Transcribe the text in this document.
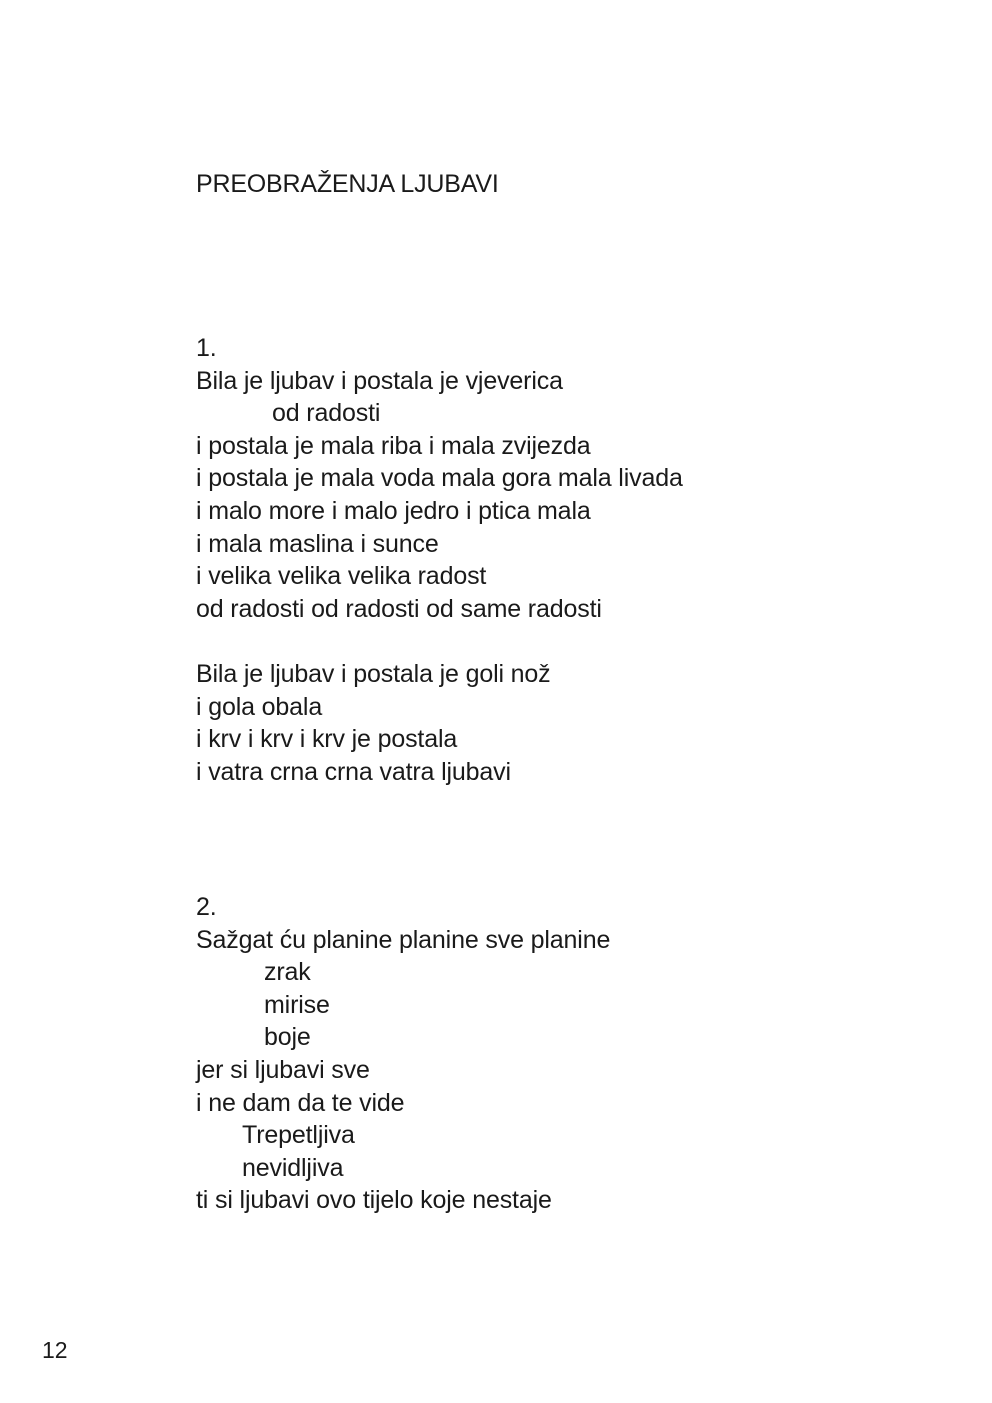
PREOBRAŽENJA LJUBAVI
1.
Bila je ljubav i postala je vjeverica
od radosti
i postala je mala riba i mala zvijezda
i postala je mala voda mala gora mala livada
i malo more i malo jedro i ptica mala
i mala maslina i sunce
i velika velika velika radost
od radosti od radosti od same radosti
Bila je ljubav i postala je goli nož
i gola obala
i krv i krv i krv je postala
i vatra crna crna vatra ljubavi
2.
Sažgat ću planine planine sve planine
zrak
mirise
boje
jer si ljubavi sve
i ne dam da te vide
Trepetljiva
nevidljiva
ti si ljubavi ovo tijelo koje nestaje
12
